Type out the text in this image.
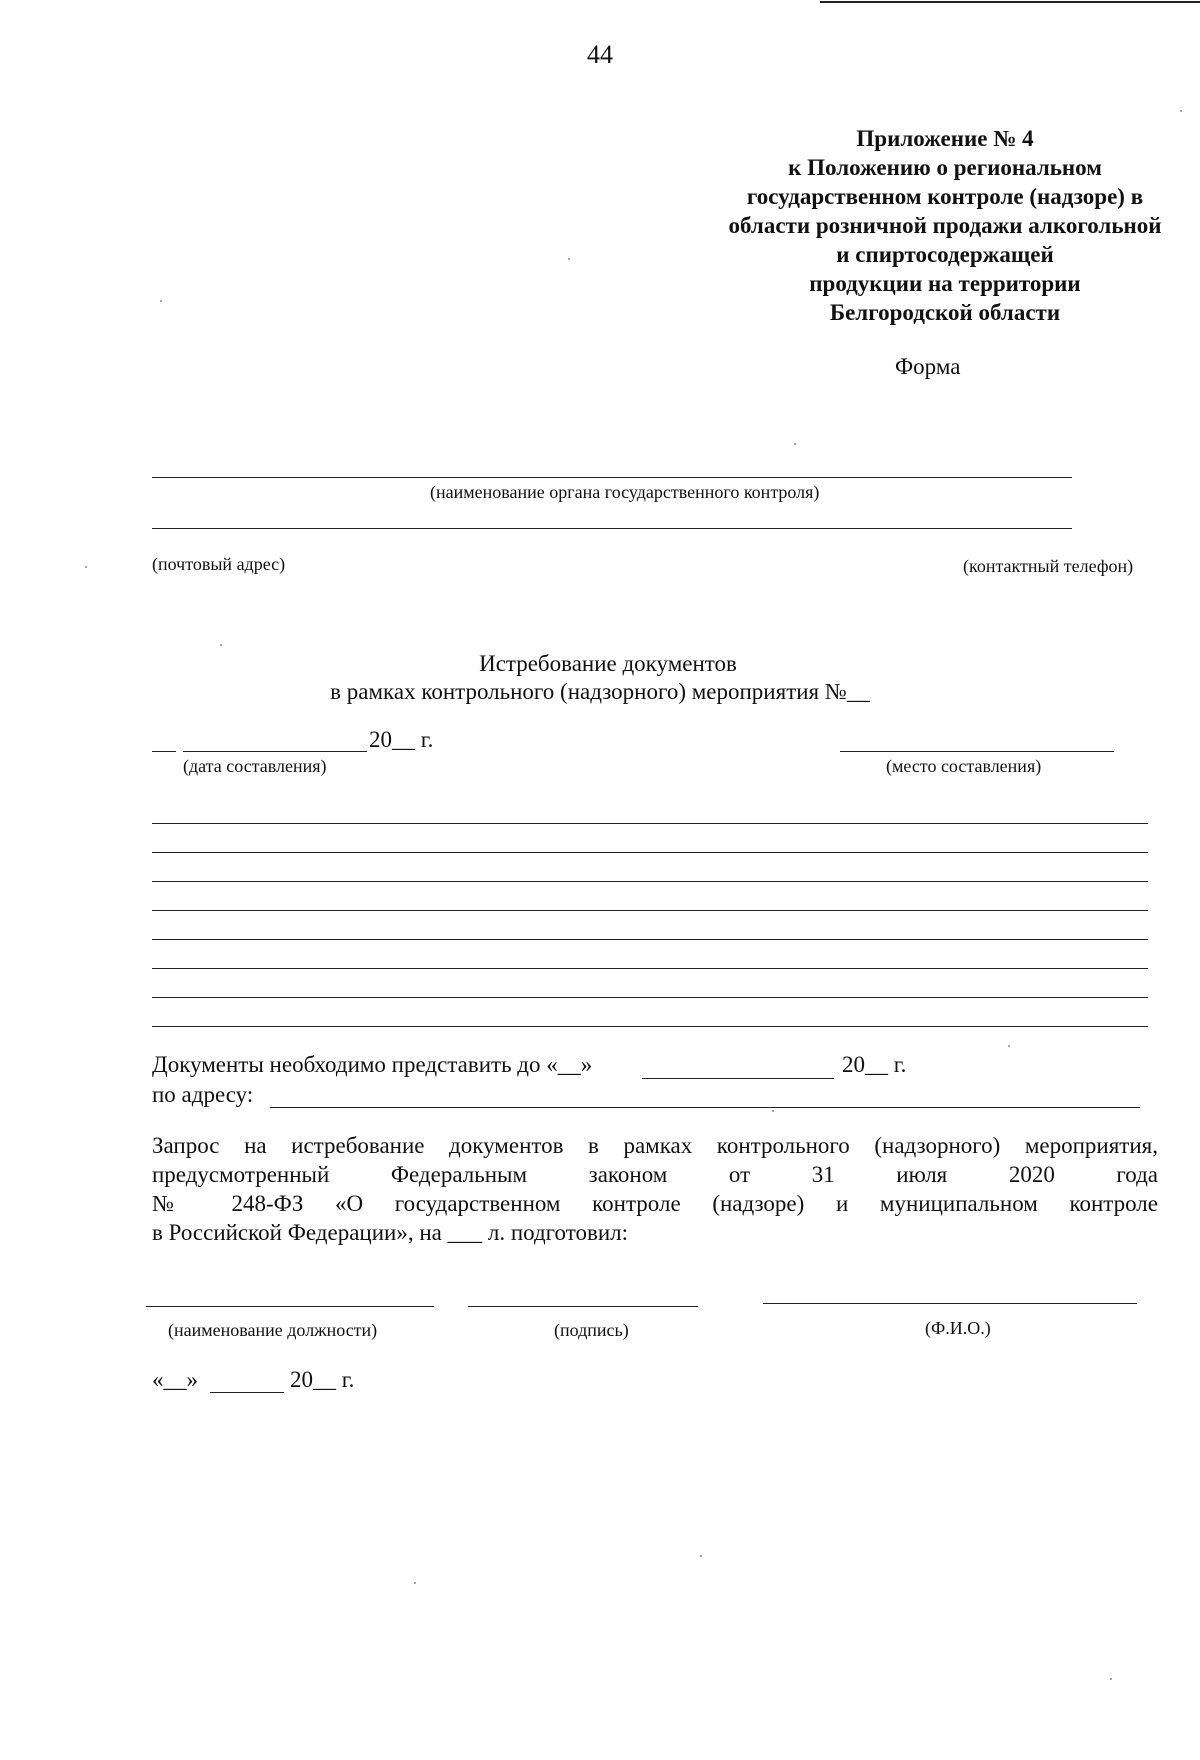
44
Приложение № 4
к Положению о региональном
государственном контроле (надзоре) в
области розничной продажи алкогольной
и спиртосодержащей
продукции на территории
Белгородской области
Форма
(наименование органа государственного контроля)
(почтовый адрес)	(контактный телефон)
Истребование документов
в рамках контрольного (надзорного) мероприятия №__
20__ г.
(дата составления)	(место составления)
Документы необходимо представить до «__»	20__ г.
по адресу:
Запрос на истребование документов в рамках контрольного (надзорного) мероприятия,
предусмотренный Федеральным законом от 31 июля 2020 года
№ 248-ФЗ «О государственном контроле (надзоре) и муниципальном контроле
в Российской Федерации», на ___ л. подготовил:
(наименование должности)	(подпись)	(Ф.И.О.)
«__»	20__ г.
